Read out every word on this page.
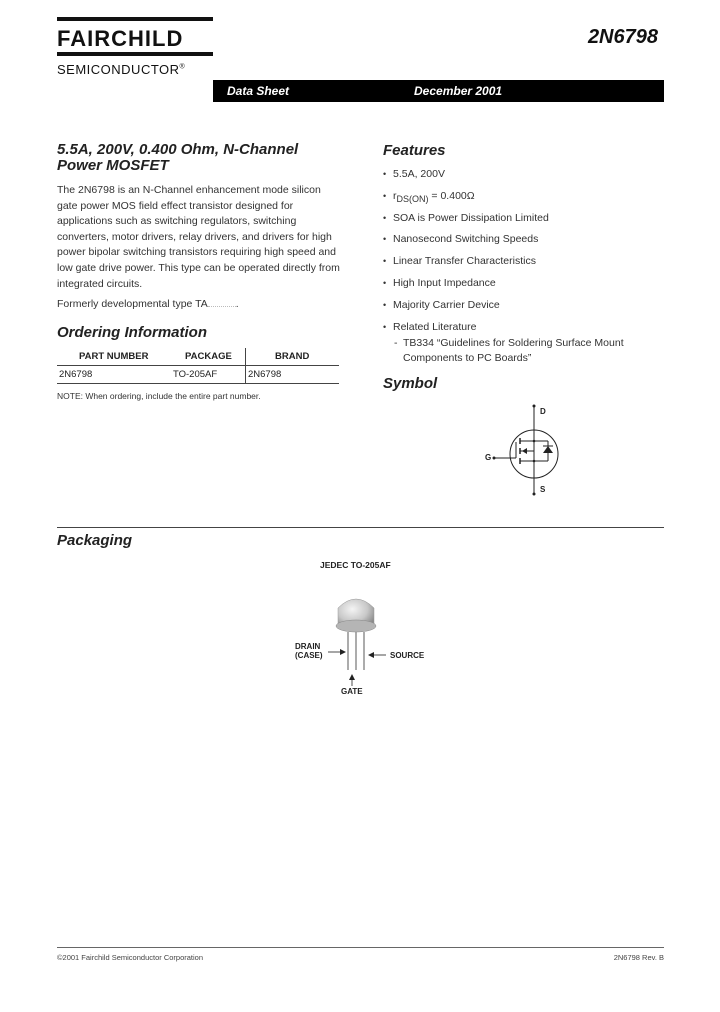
FAIRCHILD
SEMICONDUCTOR®
2N6798
Data Sheet	December 2001
5.5A, 200V, 0.400 Ohm, N-Channel Power MOSFET

The 2N6798 is an N-Channel enhancement mode silicon gate power MOS field effect transistor designed for applications such as switching regulators, switching converters, motor drivers, relay drivers, and drivers for high power bipolar switching transistors requiring high speed and low gate drive power. This type can be operated directly from integrated circuits.

Formerly developmental type TA	.

Ordering Information
PART NUMBER	PACKAGE	BRAND
2N6798	TO-205AF	2N6798
NOTE: When ordering, include the entire part number.
Features
• 5.5A, 200V
• $r_{DS(ON)} = 0.400\Omega$
• SOA is Power Dissipation Limited
• Nanosecond Switching Speeds
• Linear Transfer Characteristics
• High Input Impedance
• Majority Carrier Device
• Related Literature
- TB334 “Guidelines for Soldering Surface Mount Components to PC Boards”
Symbol
D
G
S
Packaging
JEDEC TO-205AF
DRAIN
(CASE)	SOURCE
GATE
©2001 Fairchild Semiconductor Corporation	2N6798 Rev. B
